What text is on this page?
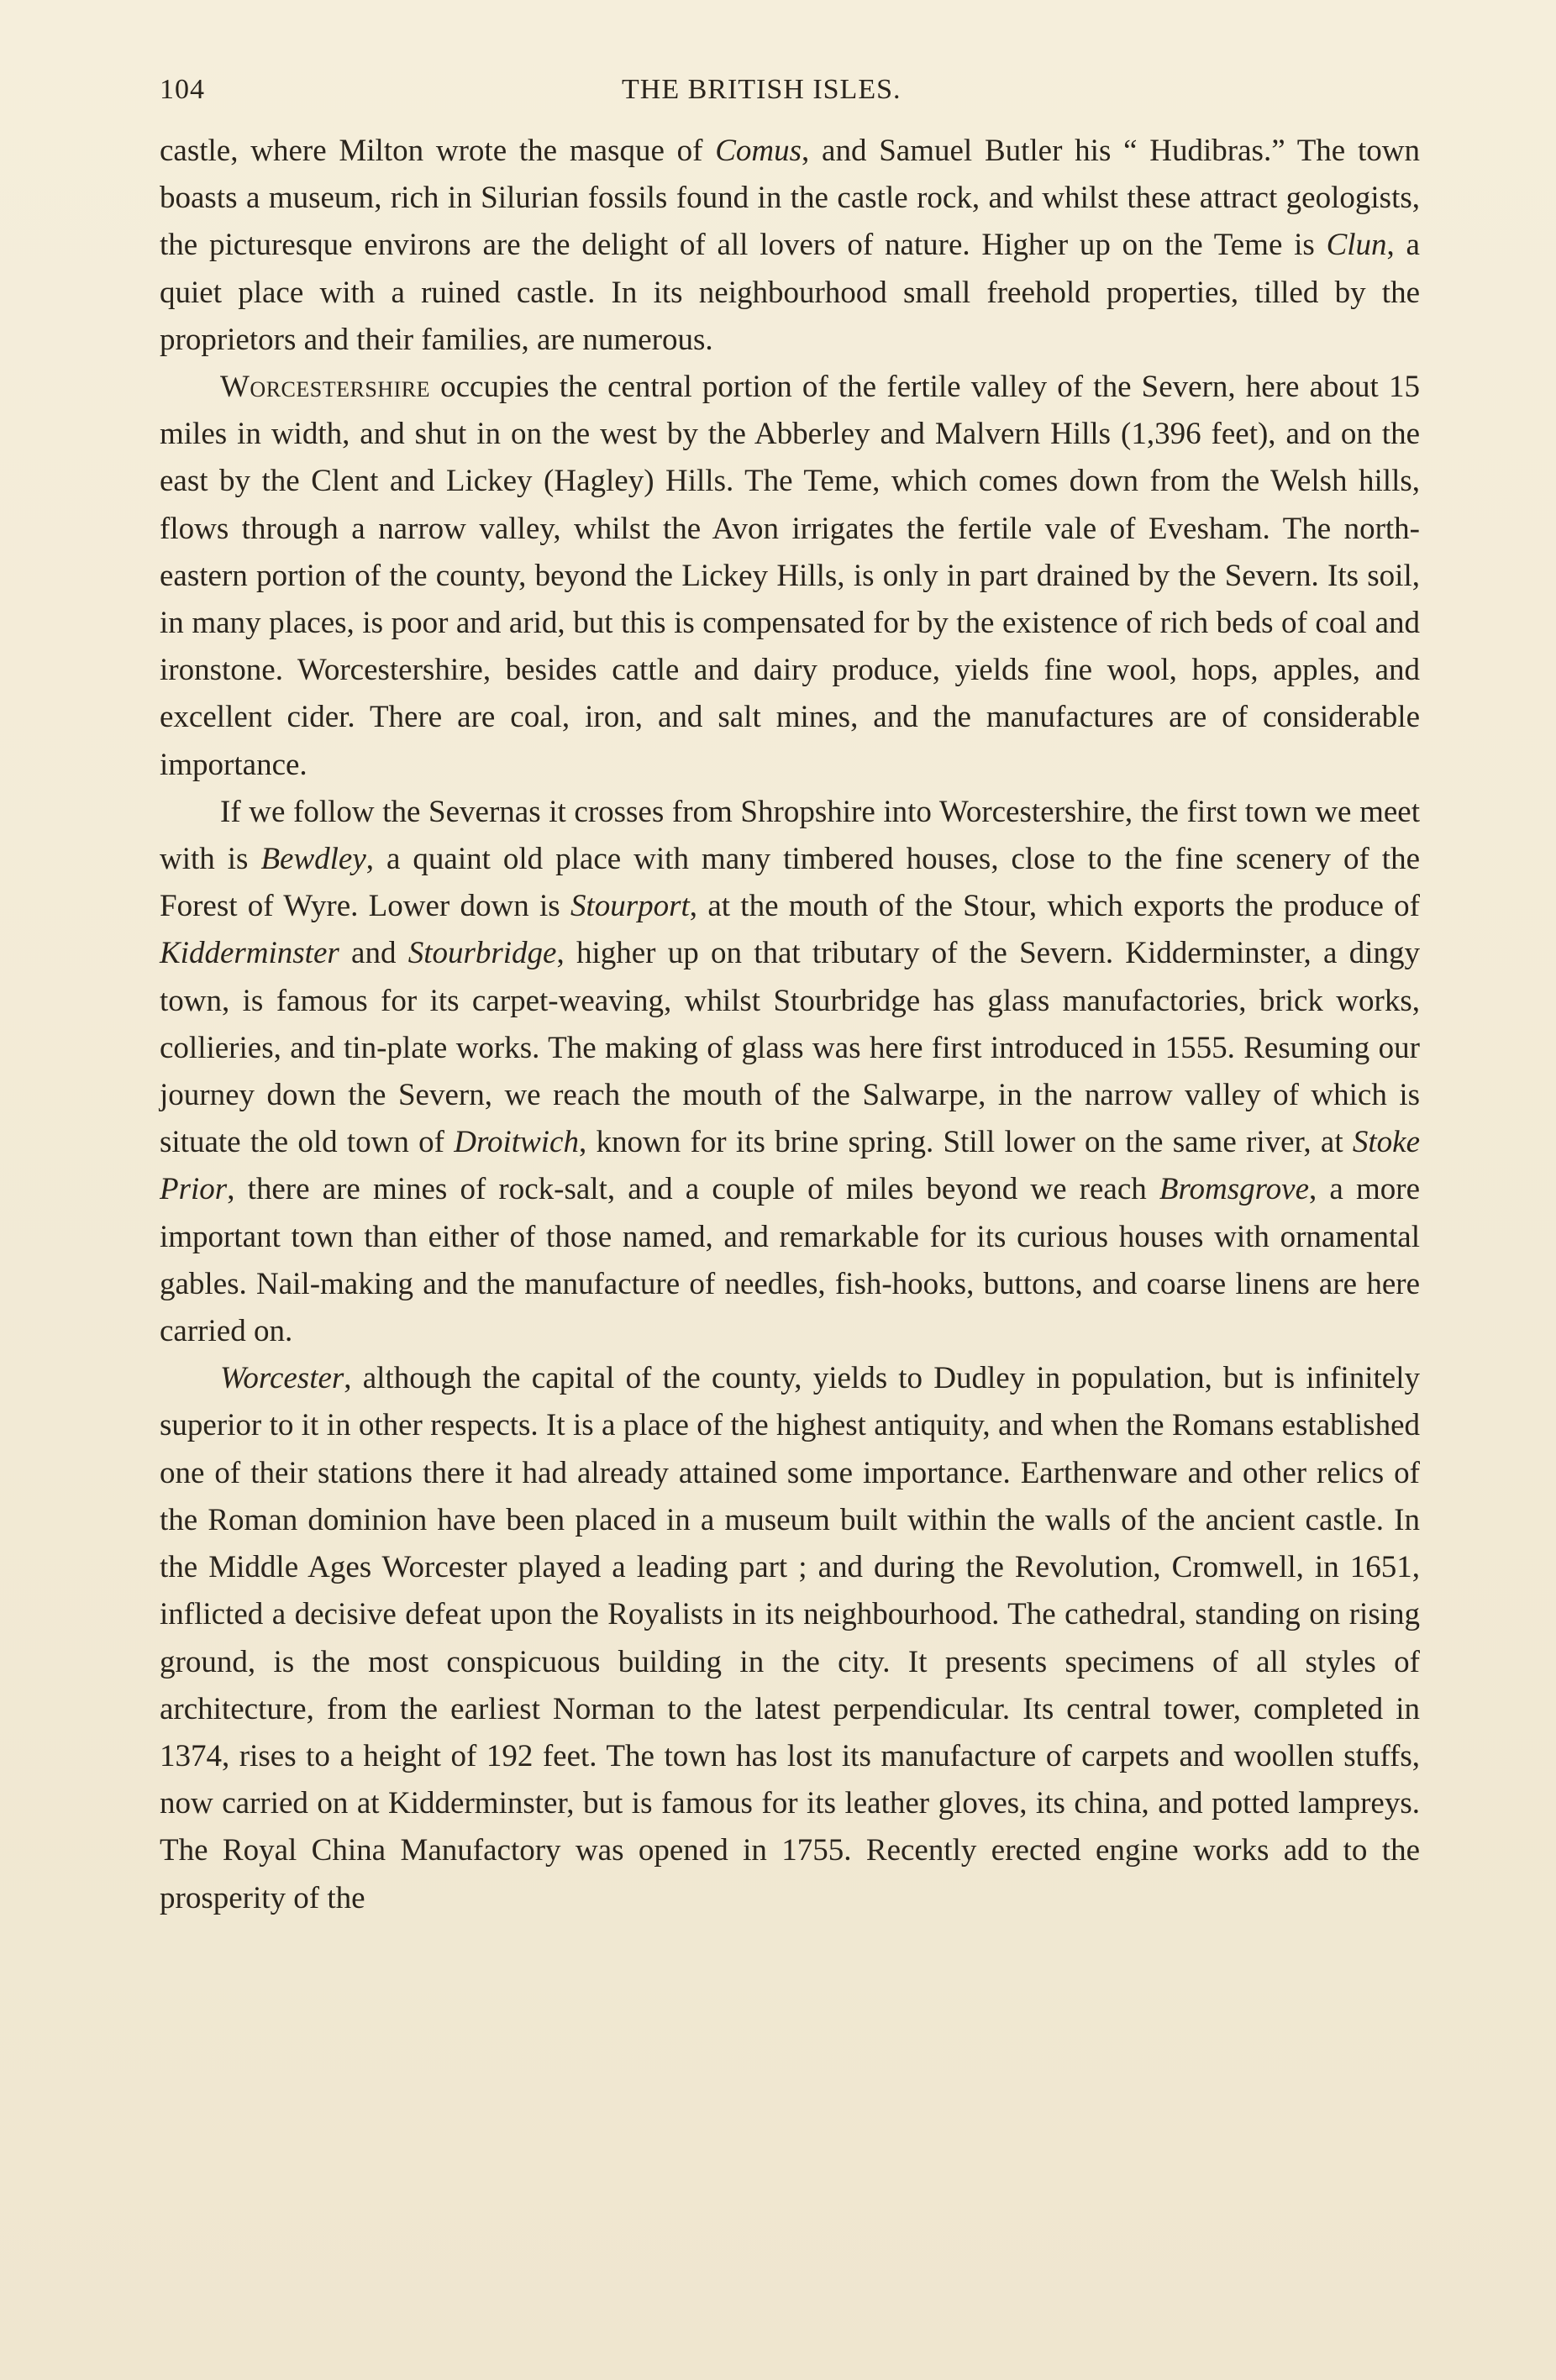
104	THE BRITISH ISLES.

castle, where Milton wrote the masque of Comus, and Samuel Butler his “ Hudibras.” The town boasts a museum, rich in Silurian fossils found in the castle rock, and whilst these attract geologists, the picturesque environs are the delight of all lovers of nature. Higher up on the Teme is Clun, a quiet place with a ruined castle. In its neighbourhood small freehold properties, tilled by the proprietors and their families, are numerous.

Worcestershire occupies the central portion of the fertile valley of the Severn, here about 15 miles in width, and shut in on the west by the Abberley and Malvern Hills (1,396 feet), and on the east by the Clent and Lickey (Hagley) Hills. The Teme, which comes down from the Welsh hills, flows through a narrow valley, whilst the Avon irrigates the fertile vale of Evesham. The north-eastern portion of the county, beyond the Lickey Hills, is only in part drained by the Severn. Its soil, in many places, is poor and arid, but this is compensated for by the existence of rich beds of coal and ironstone. Worcestershire, besides cattle and dairy produce, yields fine wool, hops, apples, and excellent cider. There are coal, iron, and salt mines, and the manufactures are of considerable importance.

If we follow the Severnas it crosses from Shropshire into Worcestershire, the first town we meet with is Bewdley, a quaint old place with many timbered houses, close to the fine scenery of the Forest of Wyre. Lower down is Stourport, at the mouth of the Stour, which exports the produce of Kidderminster and Stourbridge, higher up on that tributary of the Severn. Kidderminster, a dingy town, is famous for its carpet-weaving, whilst Stourbridge has glass manufactories, brick works, collieries, and tin-plate works. The making of glass was here first introduced in 1555. Resuming our journey down the Severn, we reach the mouth of the Salwarpe, in the narrow valley of which is situate the old town of Droitwich, known for its brine spring. Still lower on the same river, at Stoke Prior, there are mines of rock-salt, and a couple of miles beyond we reach Bromsgrove, a more important town than either of those named, and remarkable for its curious houses with ornamental gables. Nail-making and the manufacture of needles, fish-hooks, buttons, and coarse linens are here carried on.

Worcester, although the capital of the county, yields to Dudley in population, but is infinitely superior to it in other respects. It is a place of the highest antiquity, and when the Romans established one of their stations there it had already attained some importance. Earthenware and other relics of the Roman dominion have been placed in a museum built within the walls of the ancient castle. In the Middle Ages Worcester played a leading part ; and during the Revolution, Cromwell, in 1651, inflicted a decisive defeat upon the Royalists in its neighbourhood. The cathedral, standing on rising ground, is the most conspicuous building in the city. It presents specimens of all styles of architecture, from the earliest Norman to the latest perpendicular. Its central tower, completed in 1374, rises to a height of 192 feet. The town has lost its manufacture of carpets and woollen stuffs, now carried on at Kidderminster, but is famous for its leather gloves, its china, and potted lampreys. The Royal China Manufactory was opened in 1755. Recently erected engine works add to the prosperity of the
